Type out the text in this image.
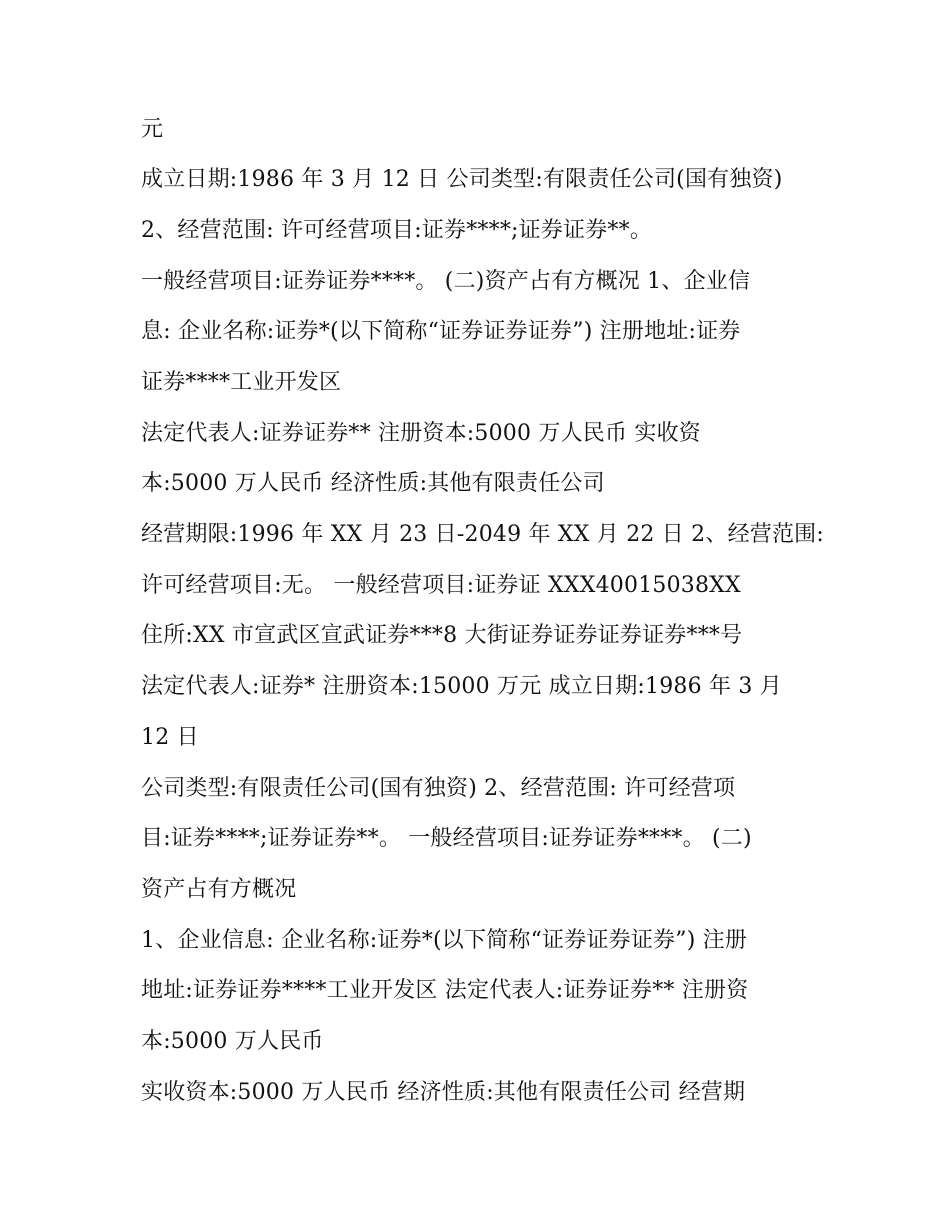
元
成立日期:1986 年 3 月 12 日 公司类型:有限责任公司(国有独资)
2、经营范围: 许可经营项目:证券****;证券证券**。
一般经营项目:证券证券****。 (二)资产占有方概况 1、企业信
息: 企业名称:证券*(以下简称“证券证券证券”) 注册地址:证券
证券****工业开发区
法定代表人:证券证券** 注册资本:5000 万人民币 实收资
本:5000 万人民币 经济性质:其他有限责任公司
经营期限:1996 年 XX 月 23 日-2049 年 XX 月 22 日 2、经营范围:
许可经营项目:无。 一般经营项目:证券证 XXX40015038XX
住所:XX 市宣武区宣武证券***8 大街证券证券证券证券***号
法定代表人:证券* 注册资本:15000 万元 成立日期:1986 年 3 月
12 日
公司类型:有限责任公司(国有独资) 2、经营范围: 许可经营项
目:证券****;证券证券**。 一般经营项目:证券证券****。 (二)
资产占有方概况
1、企业信息: 企业名称:证券*(以下简称“证券证券证券”) 注册
地址:证券证券****工业开发区 法定代表人:证券证券** 注册资
本:5000 万人民币
实收资本:5000 万人民币 经济性质:其他有限责任公司 经营期
